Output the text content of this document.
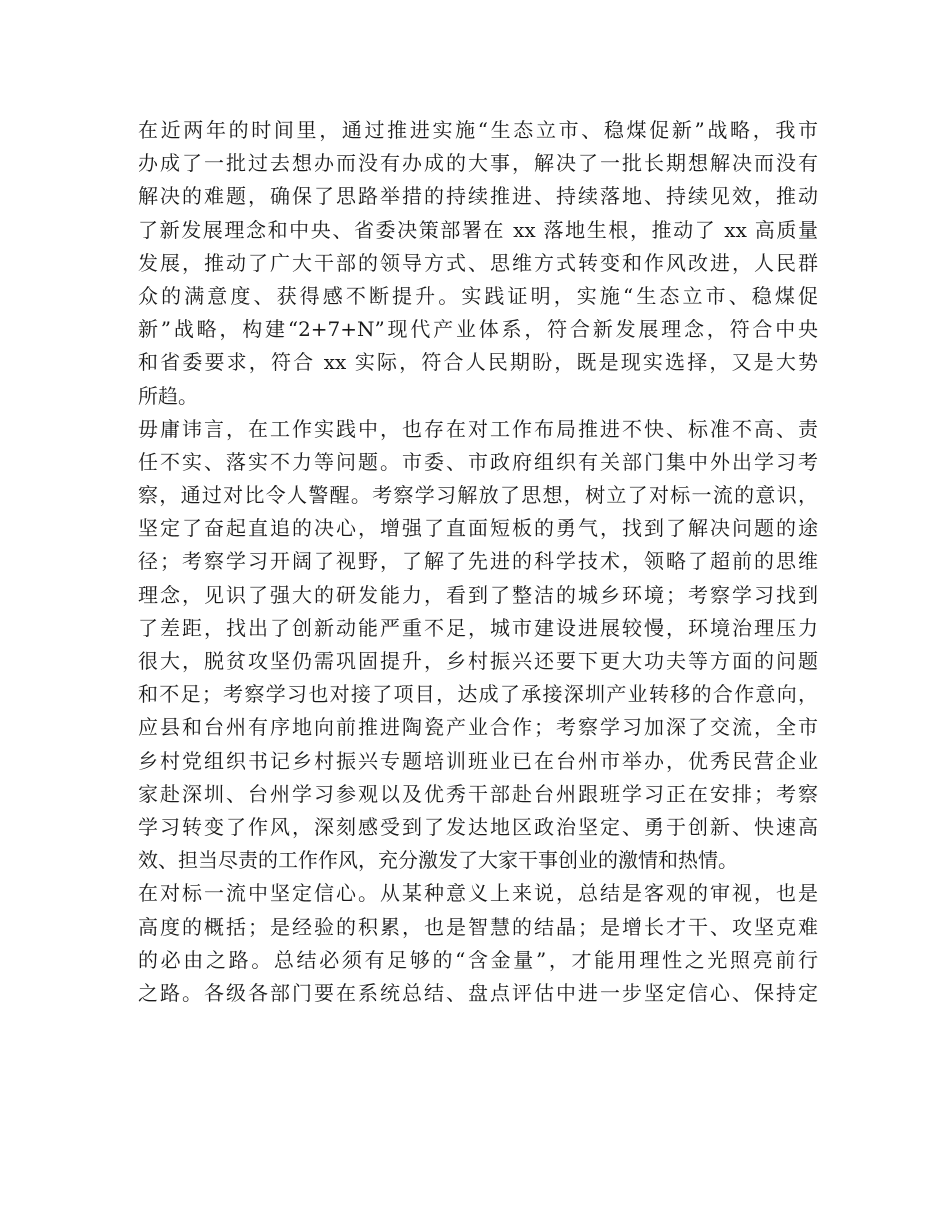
在近两年的时间里，通过推进实施“生态立市、稳煤促新”战略，我市
办成了一批过去想办而没有办成的大事，解决了一批长期想解决而没有
解决的难题，确保了思路举措的持续推进、持续落地、持续见效，推动
了新发展理念和中央、省委决策部署在 xx 落地生根，推动了 xx 高质量
发展，推动了广大干部的领导方式、思维方式转变和作风改进，人民群
众的满意度、获得感不断提升。实践证明，实施“生态立市、稳煤促
新”战略，构建“2+7+N”现代产业体系，符合新发展理念，符合中央
和省委要求，符合 xx 实际，符合人民期盼，既是现实选择，又是大势
所趋。
毋庸讳言，在工作实践中，也存在对工作布局推进不快、标准不高、责
任不实、落实不力等问题。市委、市政府组织有关部门集中外出学习考
察，通过对比令人警醒。考察学习解放了思想，树立了对标一流的意识，
坚定了奋起直追的决心，增强了直面短板的勇气，找到了解决问题的途
径；考察学习开阔了视野，了解了先进的科学技术，领略了超前的思维
理念，见识了强大的研发能力，看到了整洁的城乡环境；考察学习找到
了差距，找出了创新动能严重不足，城市建设进展较慢，环境治理压力
很大，脱贫攻坚仍需巩固提升，乡村振兴还要下更大功夫等方面的问题
和不足；考察学习也对接了项目，达成了承接深圳产业转移的合作意向，
应县和台州有序地向前推进陶瓷产业合作；考察学习加深了交流，全市
乡村党组织书记乡村振兴专题培训班业已在台州市举办，优秀民营企业
家赴深圳、台州学习参观以及优秀干部赴台州跟班学习正在安排；考察
学习转变了作风，深刻感受到了发达地区政治坚定、勇于创新、快速高
效、担当尽责的工作作风，充分激发了大家干事创业的激情和热情。
在对标一流中坚定信心。从某种意义上来说，总结是客观的审视，也是
高度的概括；是经验的积累，也是智慧的结晶；是增长才干、攻坚克难
的必由之路。总结必须有足够的“含金量”，才能用理性之光照亮前行
之路。各级各部门要在系统总结、盘点评估中进一步坚定信心、保持定
